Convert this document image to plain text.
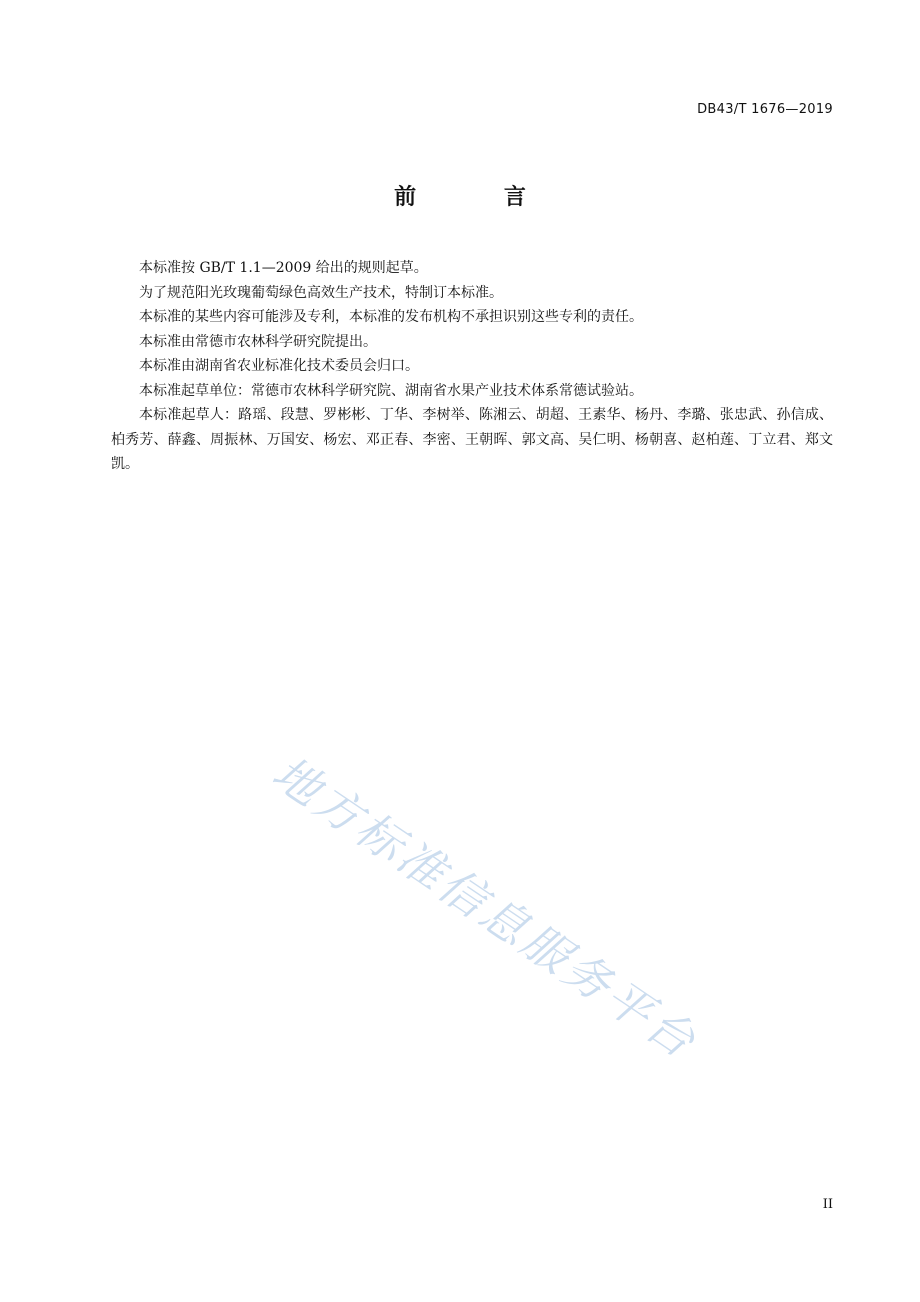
DB43/T 1676—2019
前 言

本标准按 GB/T 1.1—2009 给出的规则起草。

为了规范阳光玫瑰葡萄绿色高效生产技术，特制订本标准。

本标准的某些内容可能涉及专利，本标准的发布机构不承担识别这些专利的责任。

本标准由常德市农林科学研究院提出。

本标准由湖南省农业标准化技术委员会归口。

本标准起草单位：常德市农林科学研究院、湖南省水果产业技术体系常德试验站。

本标准起草人：路瑶、段慧、罗彬彬、丁华、李树举、陈湘云、胡超、王素华、杨丹、李璐、张忠武、孙信成、柏秀芳、薛鑫、周振林、万国安、杨宏、邓正春、李密、王朝晖、郭文高、吴仁明、杨朝喜、赵柏莲、丁立君、郑文凯。

地方标准信息服务平台
II
